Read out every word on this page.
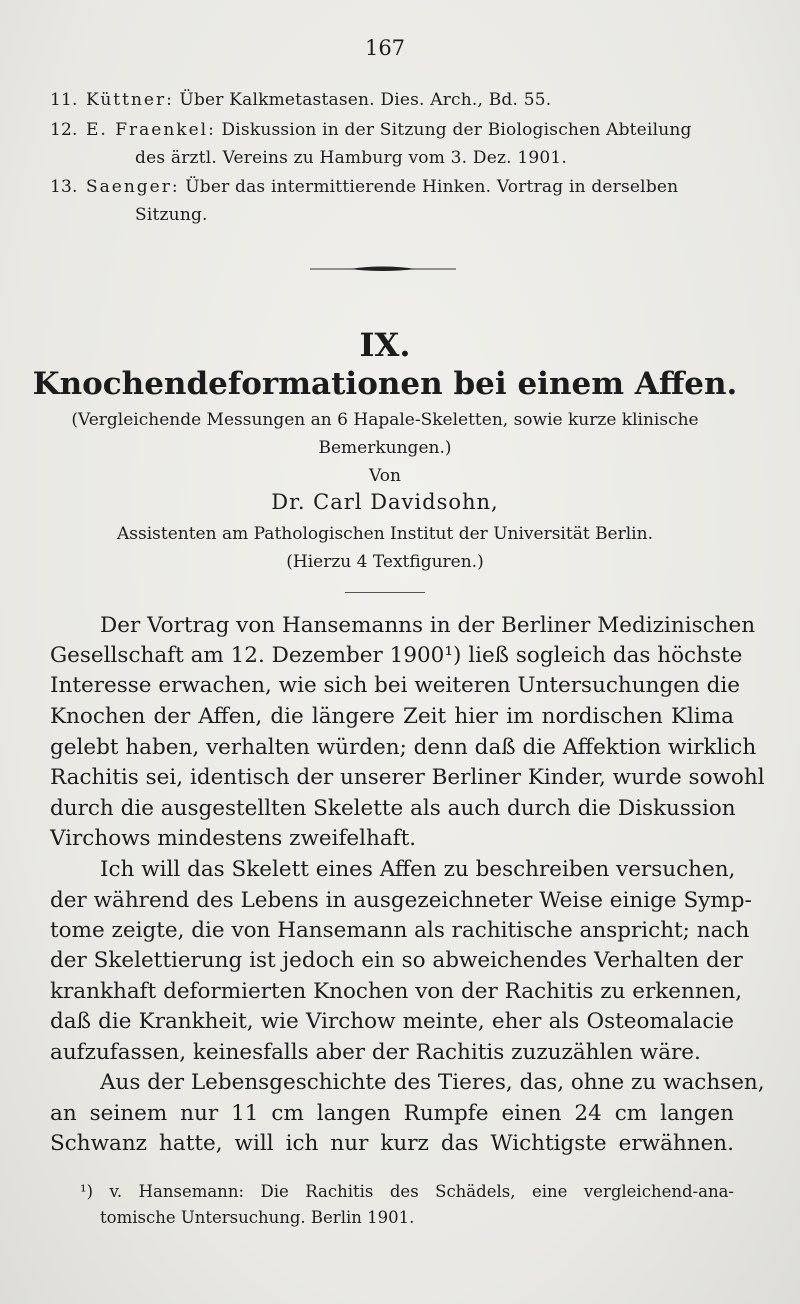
167
11. Küttner: Über Kalkmetastasen. Dies. Arch., Bd. 55.
12. E. Fraenkel: Diskussion in der Sitzung der Biologischen Abteilung
des ärztl. Vereins zu Hamburg vom 3. Dez. 1901.
13. Saenger: Über das intermittierende Hinken. Vortrag in derselben
Sitzung.
IX.
Knochendeformationen bei einem Affen.
(Vergleichende Messungen an 6 Hapale-Skeletten, sowie kurze klinische
Bemerkungen.)
Von
Dr. Carl Davidsohn,
Assistenten am Pathologischen Institut der Universität Berlin.
(Hierzu 4 Textfiguren.)
Der Vortrag von Hansemanns in der Berliner Medizinischen
Gesellschaft am 12. Dezember 1900¹) ließ sogleich das höchste
Interesse erwachen, wie sich bei weiteren Untersuchungen die
Knochen der Affen, die längere Zeit hier im nordischen Klima
gelebt haben, verhalten würden; denn daß die Affektion wirklich
Rachitis sei, identisch der unserer Berliner Kinder, wurde sowohl
durch die ausgestellten Skelette als auch durch die Diskussion
Virchows mindestens zweifelhaft.
Ich will das Skelett eines Affen zu beschreiben versuchen,
der während des Lebens in ausgezeichneter Weise einige Symp-
tome zeigte, die von Hansemann als rachitische anspricht; nach
der Skelettierung ist jedoch ein so abweichendes Verhalten der
krankhaft deformierten Knochen von der Rachitis zu erkennen,
daß die Krankheit, wie Virchow meinte, eher als Osteomalacie
aufzufassen, keinesfalls aber der Rachitis zuzuzählen wäre.
Aus der Lebensgeschichte des Tieres, das, ohne zu wachsen,
an seinem nur 11 cm langen Rumpfe einen 24 cm langen
Schwanz hatte, will ich nur kurz das Wichtigste erwähnen.
¹) v. Hansemann: Die Rachitis des Schädels, eine vergleichend-ana-
tomische Untersuchung. Berlin 1901.
